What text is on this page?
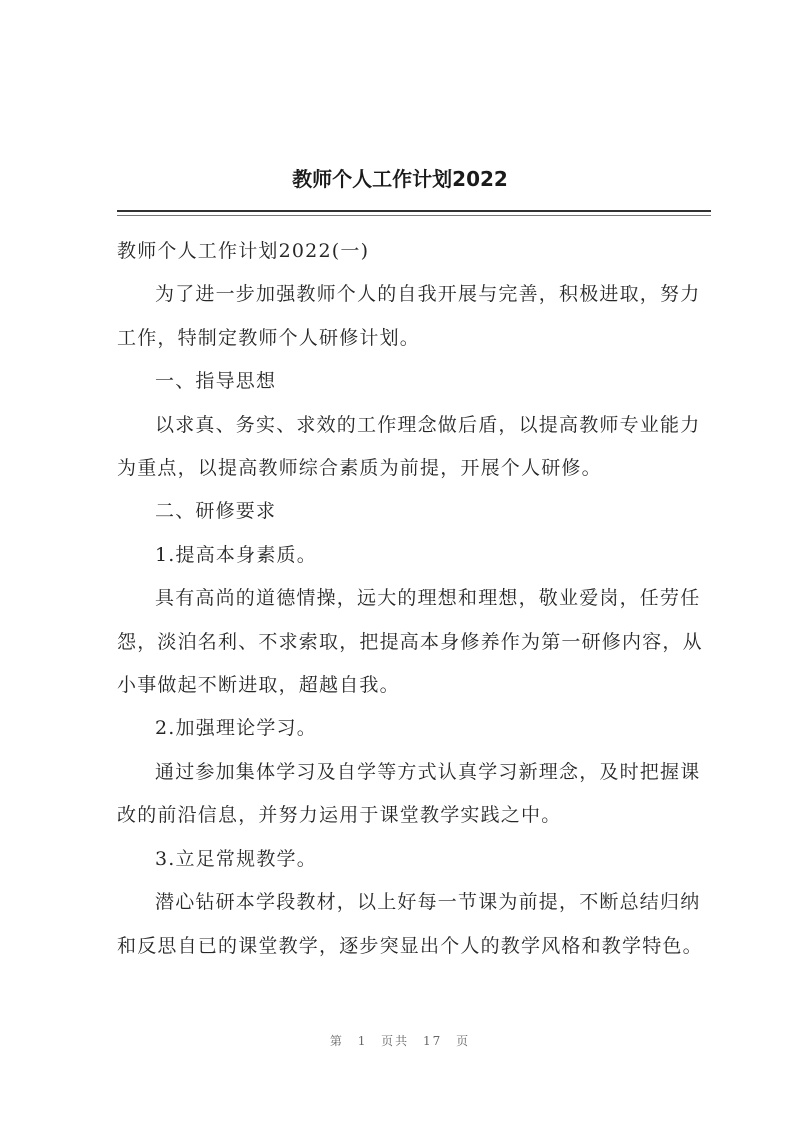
教师个人工作计划2022

教师个人工作计划2022(一)

为了进一步加强教师个人的自我开展与完善，积极进取，努力工作，特制定教师个人研修计划。

一、指导思想

以求真、务实、求效的工作理念做后盾，以提高教师专业能力为重点，以提高教师综合素质为前提，开展个人研修。

二、研修要求

1.提高本身素质。

具有高尚的道德情操，远大的理想和理想，敬业爱岗，任劳任怨，淡泊名利、不求索取，把提高本身修养作为第一研修内容，从小事做起不断进取，超越自我。

2.加强理论学习。

通过参加集体学习及自学等方式认真学习新理念，及时把握课改的前沿信息，并努力运用于课堂教学实践之中。

3.立足常规教学。

潜心钻研本学段教材，以上好每一节课为前提，不断总结归纳和反思自已的课堂教学，逐步突显出个人的教学风格和教学特色。

第 1 页共 17 页
